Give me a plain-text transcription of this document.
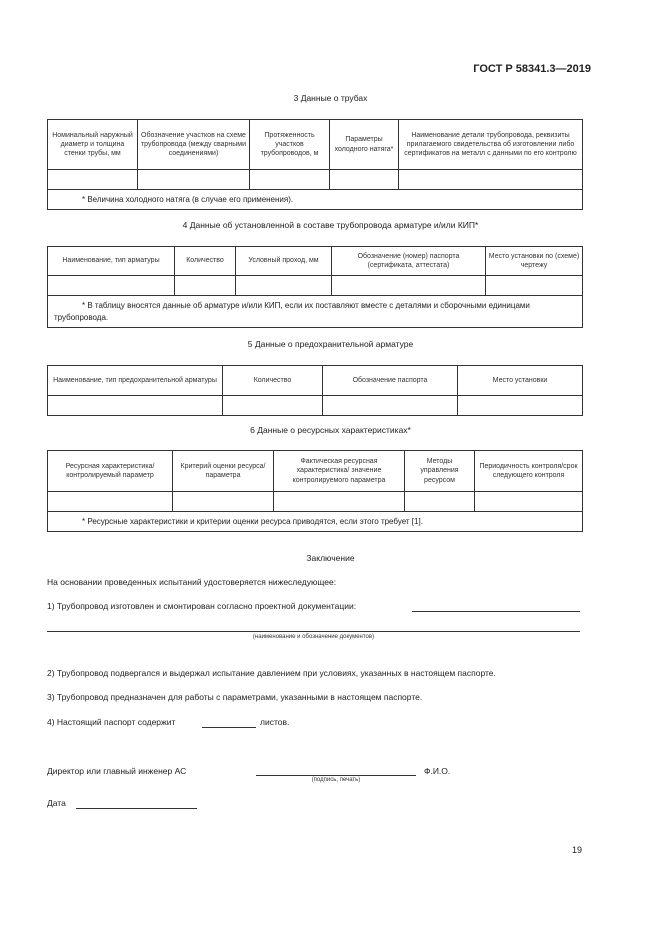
ГОСТ Р 58341.3—2019
3 Данные о трубах
Номинальный наружный диаметр и толщина стенки трубы, мм	Обозначение участков на схеме трубопровода (между сварными соединениями)	Протяженность участков трубопроводов, м	Параметры холодного натяга*	Наименование детали трубопровода, реквизиты прилагаемого свидетельства об изготовлении либо сертификатов на металл с данными по его контролю

* Величина холодного натяга (в случае его применения).				
4 Данные об установленной в составе трубопровода арматуре и/или КИП*
Наименование, тип арматуры	Количество	Условный проход, мм	Обозначение (номер) паспорта (сертификата, аттестата)	Место установки по (схеме) чертежу

* В таблицу вносятся данные об арматуре и/или КИП, если их поставляют вместе с деталями и сборочными единицами трубопровода.				
5 Данные о предохранительной арматуре
Наименование, тип предохранительной арматуры	Количество	Обозначение паспорта	Место установки

6 Данные о ресурсных характеристиках*
Ресурсная характеристика/ контролируемый параметр	Критерий оценки ресурса/параметра	Фактическая ресурсная характеристика/ значение контролируемого параметра	Методы управления ресурсом	Периодичность контроля/срок следующего контроля

* Ресурсные характеристики и критерии оценки ресурса приводятся, если этого требует [1].				
Заключение
На основании проведенных испытаний удостоверяется нижеследующее:
1) Трубопровод изготовлен и смонтирован согласно проектной документации:
(наименование и обозначение документов)
2) Трубопровод подвергался и выдержал испытание давлением при условиях, указанных в настоящем паспорте.
3) Трубопровод предназначен для работы с параметрами, указанными в настоящем паспорте.
4) Настоящий паспорт содержит	листов.
Директор или главный инженер АС
(подпись, печать)
Ф.И.О.
Дата
19
